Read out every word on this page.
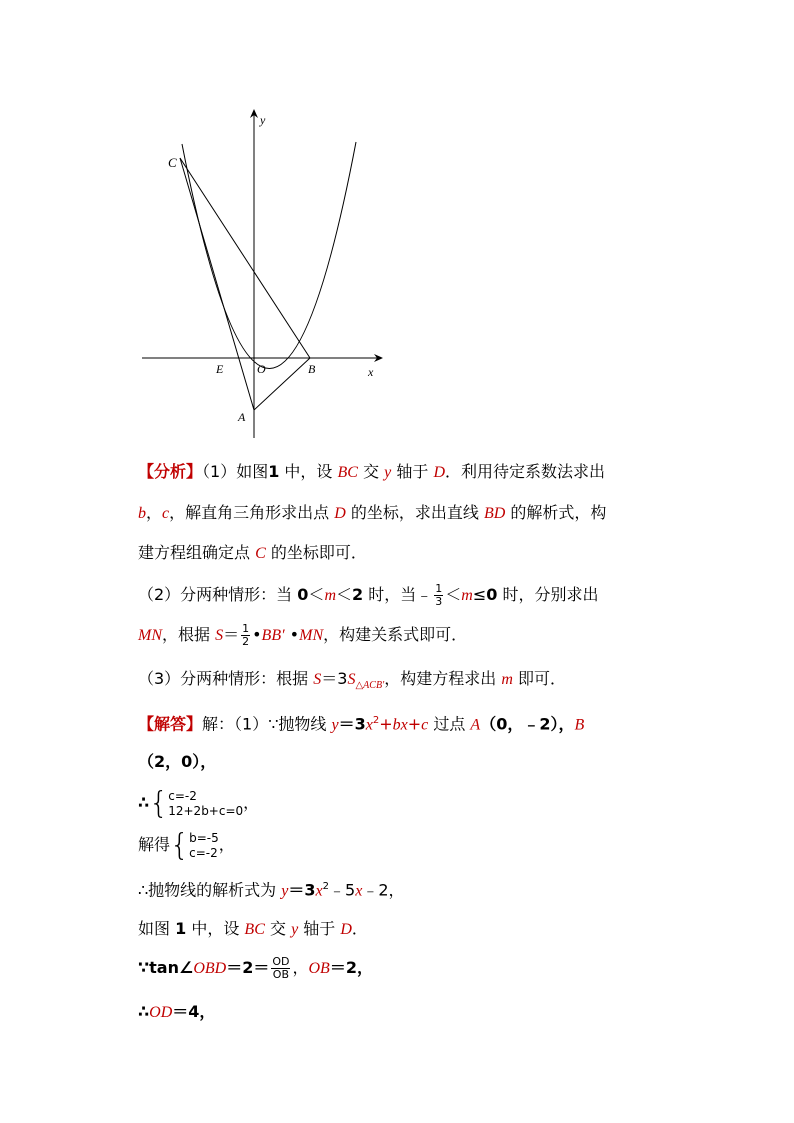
y
x
C
E	O	B
A
【分析】（1）如图1 中，设 BC 交 y 轴于 D．利用待定系数法求出
b，c，解直角三角形求出点 D 的坐标，求出直线 BD 的解析式，构
建方程组确定点 C 的坐标即可．
（2）分两种情形：当 0＜m＜2 时，当﹣ $\frac{1}{3} <m\le 0$ 时，分别求出
MN，根据 $S= \frac{1}{2}$ •BB′ •MN，构建关系式即可．
（3）分两种情形：根据 $S=3S_{\triangle ACB'}$，构建方程求出 m 即可．
【解答】解：（1）∵抛物线 $y=3x^2+bx+c$ 过点 A（0，﹣2），B
（2，0），
∴{ c=-2
12+2b+c=0 ，
解得{ b=-5
c=-2 ，
∴抛物线的解析式为 $y=3x^2﹣5x﹣2$，
如图 1 中，设 BC 交 y 轴于 D．
∵tan∠OBD＝2＝ $\frac{OD}{OB}$ ，OB＝2，
∴OD＝4，
